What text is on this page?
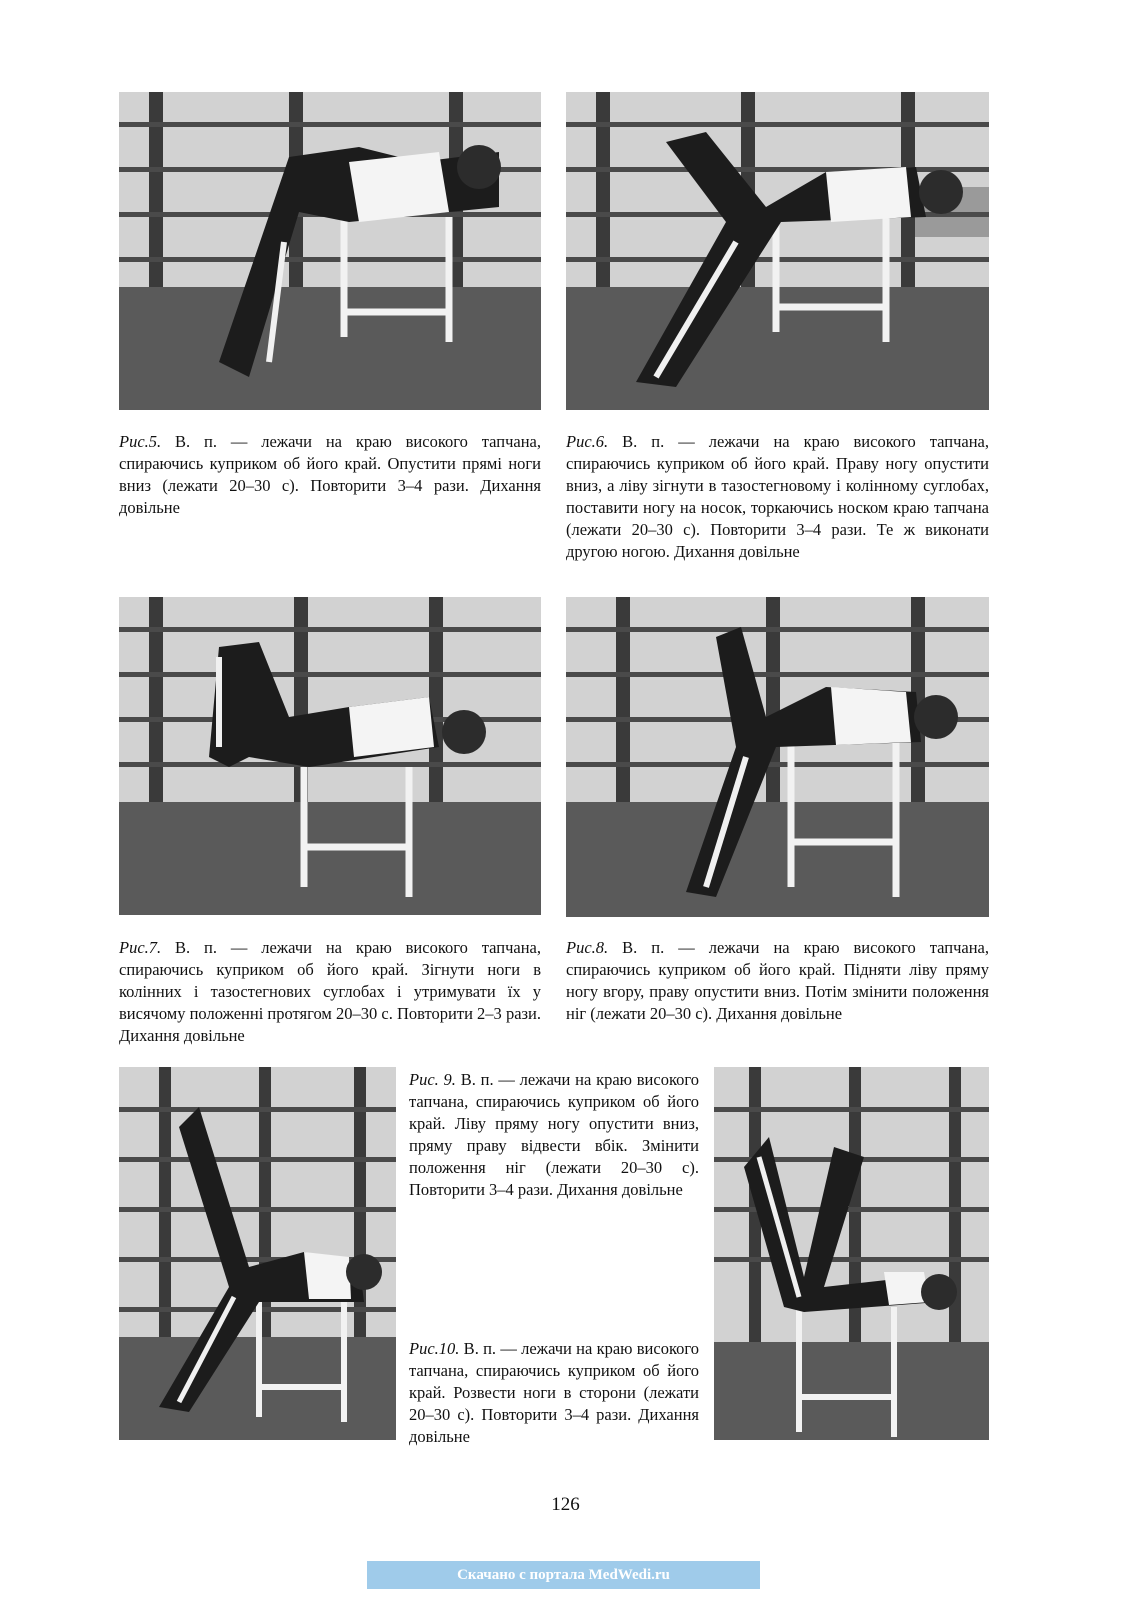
Рис.5. В. п. — лежачи на краю високого тапчана, спираючись куприком об його край. Опустити прямі ноги вниз (лежати 20–30 с). Повторити 3–4 рази. Дихання довільне

Рис.6. В. п. — лежачи на краю високого тапчана, спираючись куприком об його край. Праву ногу опустити вниз, а ліву зігнути в тазостегновому і колінному суглобах, поставити ногу на носок, торкаючись носком краю тапчана (лежати 20–30 с). Повторити 3–4 рази. Те ж виконати другою ногою. Дихання довільне

Рис.7. В. п. — лежачи на краю високого тапчана, спираючись куприком об його край. Зігнути ноги в колінних і тазостегнових суглобах і утримувати їх у висячому положенні протягом 20–30 с. Повторити 2–3 рази. Дихання довільне

Рис.8. В. п. — лежачи на краю високого тапчана, спираючись куприком об його край. Підняти ліву пряму ногу вгору, праву опустити вниз. Потім змінити положення ніг (лежати 20–30 с). Дихання довільне

Рис. 9. В. п. — лежачи на краю високого тапчана, спираючись куприком об його край. Ліву пряму ногу опустити вниз, пряму праву відвести вбік. Змінити положення ніг (лежати 20–30 с). Повторити 3–4 рази. Дихання довільне

Рис.10. В. п. — лежачи на краю високого тапчана, спираючись куприком об його край. Розвести ноги в сторони (лежати 20–30 с). Повторити 3–4 рази. Дихання довільне

126
Скачано с портала MedWedi.ru
